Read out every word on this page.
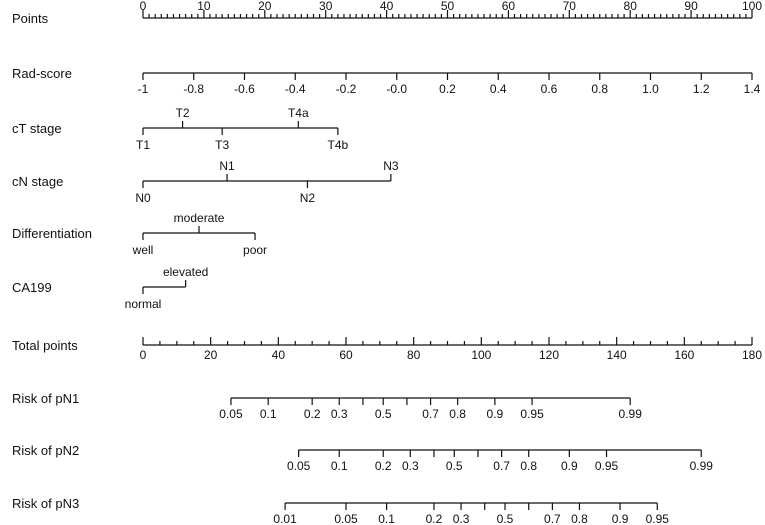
Points
0	10	20	30	40	50	60	70	80	90	100
Rad-score
-1	-0.8	-0.6	-0.4	-0.2	-0.0	0.2	0.4	0.6	0.8	1.0	1.2	1.4
cT stage
T1
T2
T3
T4a
T4b
cN stage
N0
N1
N2
N3
Differentiation
well
moderate
poor
CA199
normal
elevated
Total points
0	20	40	60	80	100	120	140	160	180
Risk of pN1
0.05 0.1 0.2 0.3 0.5	0.7 0.8 0.9 0.95	0.99
Risk of pN2
0.05 0.1 0.2 0.3 0.5	0.7 0.8 0.9 0.95	0.99
Risk of pN3
0.01	0.05 0.1	0.2 0.3 0.5	0.7 0.8 0.9 0.95
